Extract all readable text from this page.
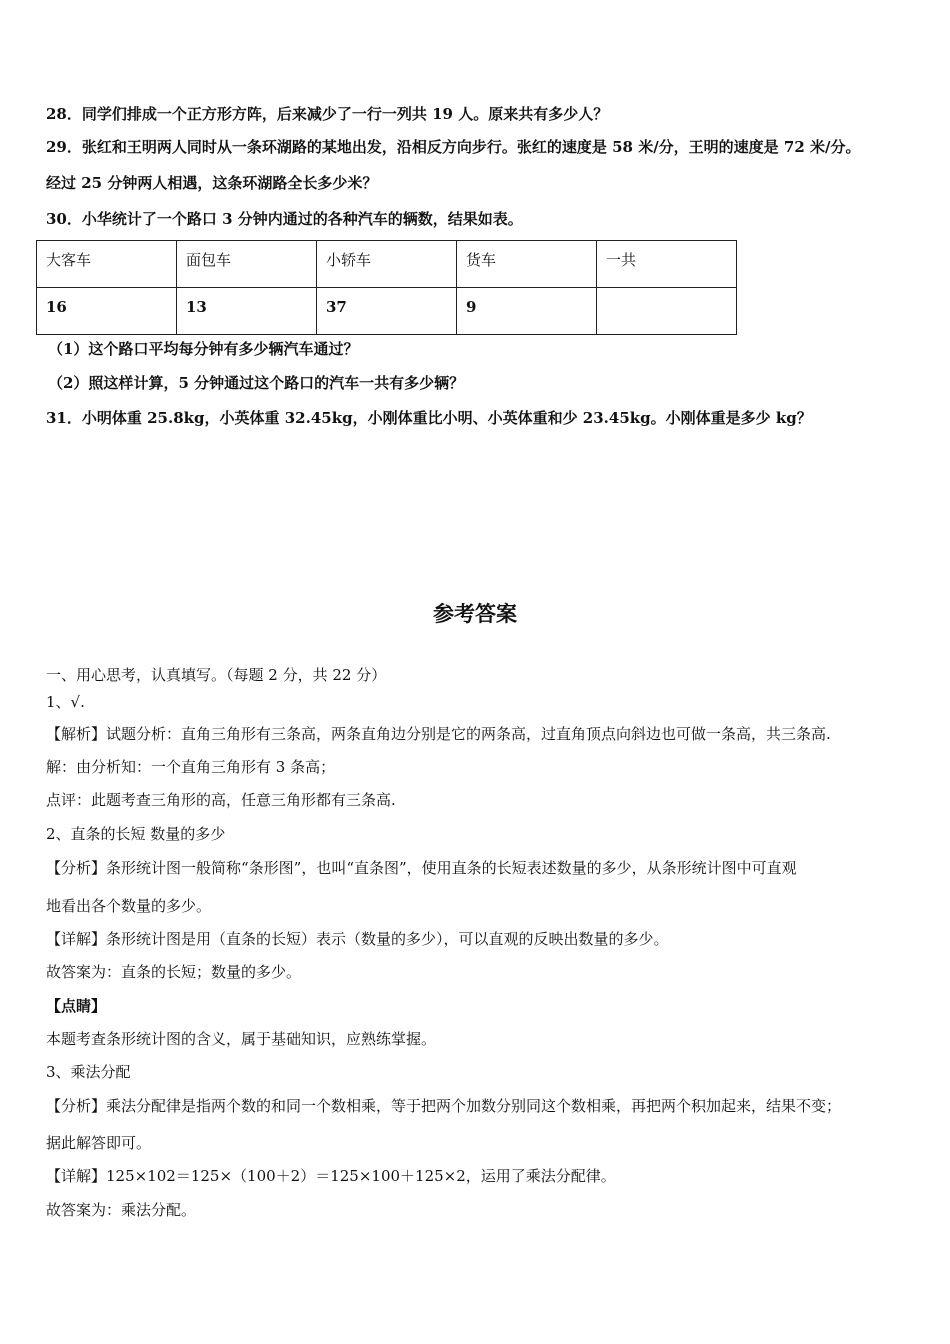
28．同学们排成一个正方形方阵，后来减少了一行一列共 19 人。原来共有多少人？
29．张红和王明两人同时从一条环湖路的某地出发，沿相反方向步行。张红的速度是 58 米/分，王明的速度是 72 米/分。
经过 25 分钟两人相遇，这条环湖路全长多少米？
30．小华统计了一个路口 3 分钟内通过的各种汽车的辆数，结果如表。
大客车	面包车	小轿车	货车	一共
16	13	37	9	
（1）这个路口平均每分钟有多少辆汽车通过？
（2）照这样计算，5 分钟通过这个路口的汽车一共有多少辆？
31．小明体重 25.8kg，小英体重 32.45kg，小刚体重比小明、小英体重和少 23.45kg。小刚体重是多少 kg？
参考答案
一、用心思考，认真填写。（每题 2 分，共 22 分）
1、√.
【解析】试题分析：直角三角形有三条高，两条直角边分别是它的两条高，过直角顶点向斜边也可做一条高，共三条高.
解：由分析知：一个直角三角形有 3 条高；
点评：此题考查三角形的高，任意三角形都有三条高.
2、直条的长短 数量的多少
【分析】条形统计图一般简称“条形图”，也叫“直条图”，使用直条的长短表述数量的多少，从条形统计图中可直观
地看出各个数量的多少。
【详解】条形统计图是用（直条的长短）表示（数量的多少），可以直观的反映出数量的多少。
故答案为：直条的长短；数量的多少。
【点睛】
本题考查条形统计图的含义，属于基础知识，应熟练掌握。
3、乘法分配
【分析】乘法分配律是指两个数的和同一个数相乘，等于把两个加数分别同这个数相乘，再把两个积加起来，结果不变；
据此解答即可。
【详解】125×102＝125×（100＋2）＝125×100＋125×2，运用了乘法分配律。
故答案为：乘法分配。
